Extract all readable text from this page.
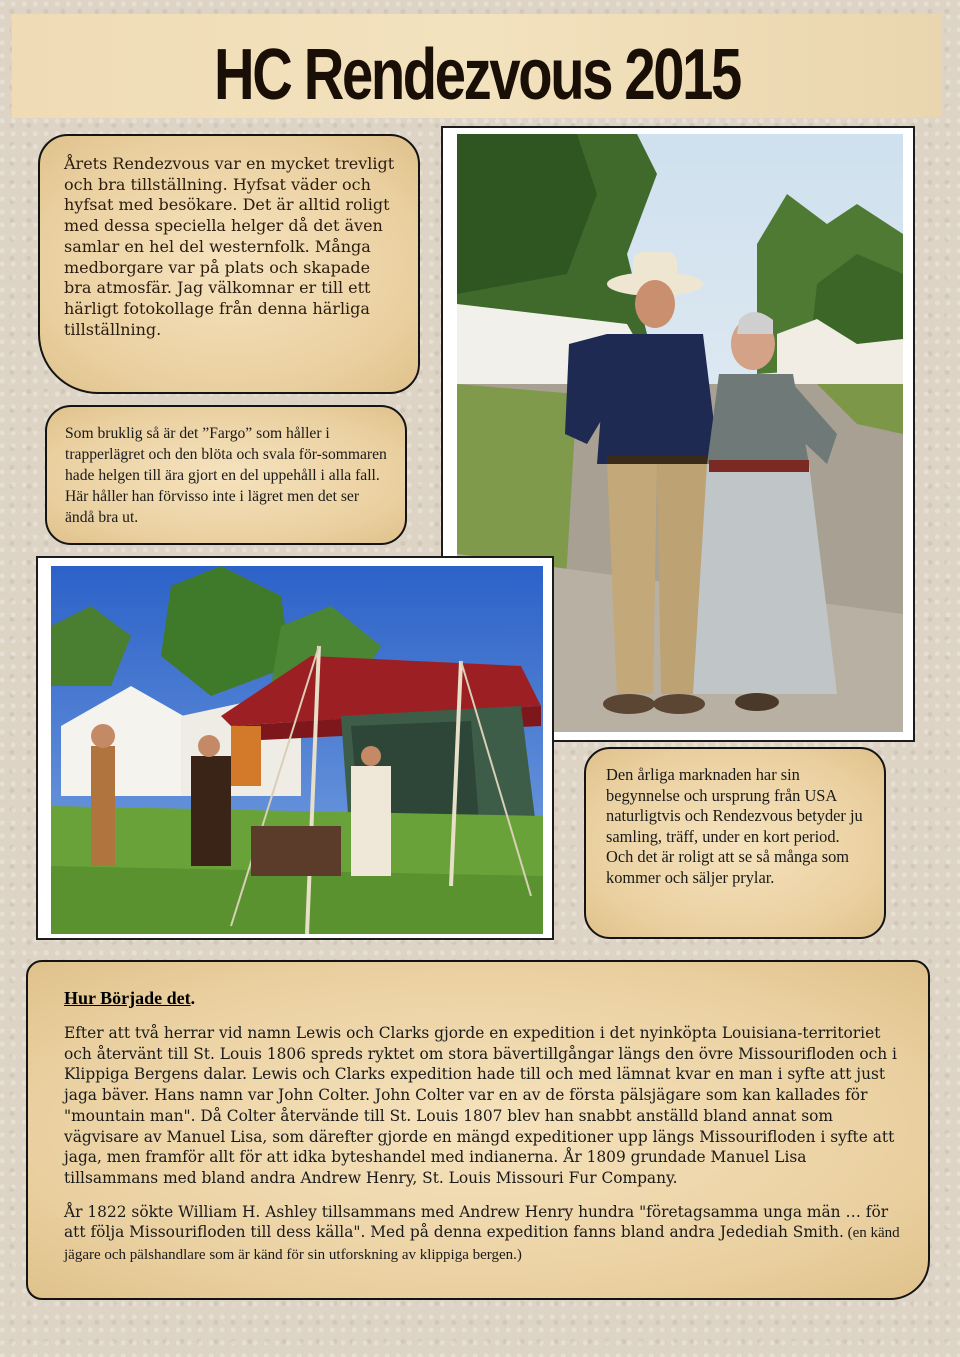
HC Rendezvous 2015

Årets Rendezvous var en mycket trevligt och bra tillställning. Hyfsat väder och hyfsat med besökare. Det är alltid roligt med dessa speciella helger då det även samlar en hel del westernfolk. Många medborgare var på plats och skapade bra atmosfär. Jag välkomnar er till ett härligt fotokollage från denna härliga tillställning.

Som bruklig så är det ”Fargo” som håller i trapperlägret och den blöta och svala för-sommaren hade helgen till ära gjort en del uppehåll i alla fall. Här håller han förvisso inte i lägret men det ser ändå bra ut.

Den årliga marknaden har sin begynnelse och ursprung från USA naturligtvis och Rendezvous betyder ju samling, träff, under en kort period. Och det är roligt att se så många som kommer och säljer prylar.

Hur Började det.

Efter att två herrar vid namn Lewis och Clarks gjorde en expedition i det nyinköpta Louisiana-territoriet och återvänt till St. Louis 1806 spreds ryktet om stora bävertillgångar längs den övre Missourifloden och i Klippiga Bergens dalar. Lewis och Clarks expedition hade till och med lämnat kvar en man i syfte att just jaga bäver. Hans namn var John Colter. John Colter var en av de första pälsjägare som kan kallades för "mountain man". Då Colter återvände till St. Louis 1807 blev han snabbt anställd bland annat som vägvisare av Manuel Lisa, som därefter gjorde en mängd expeditioner upp längs Missourifloden i syfte att jaga, men framför allt för att idka byteshandel med indianerna. År 1809 grundade Manuel Lisa tillsammans med bland andra Andrew Henry, St. Louis Missouri Fur Company.

År 1822 sökte William H. Ashley tillsammans med Andrew Henry hundra "företagsamma unga män … för att följa Missourifloden till dess källa". Med på denna expedition fanns bland andra Jedediah Smith. (en känd jägare och pälshandlare som är känd för sin utforskning av klippiga bergen.)
